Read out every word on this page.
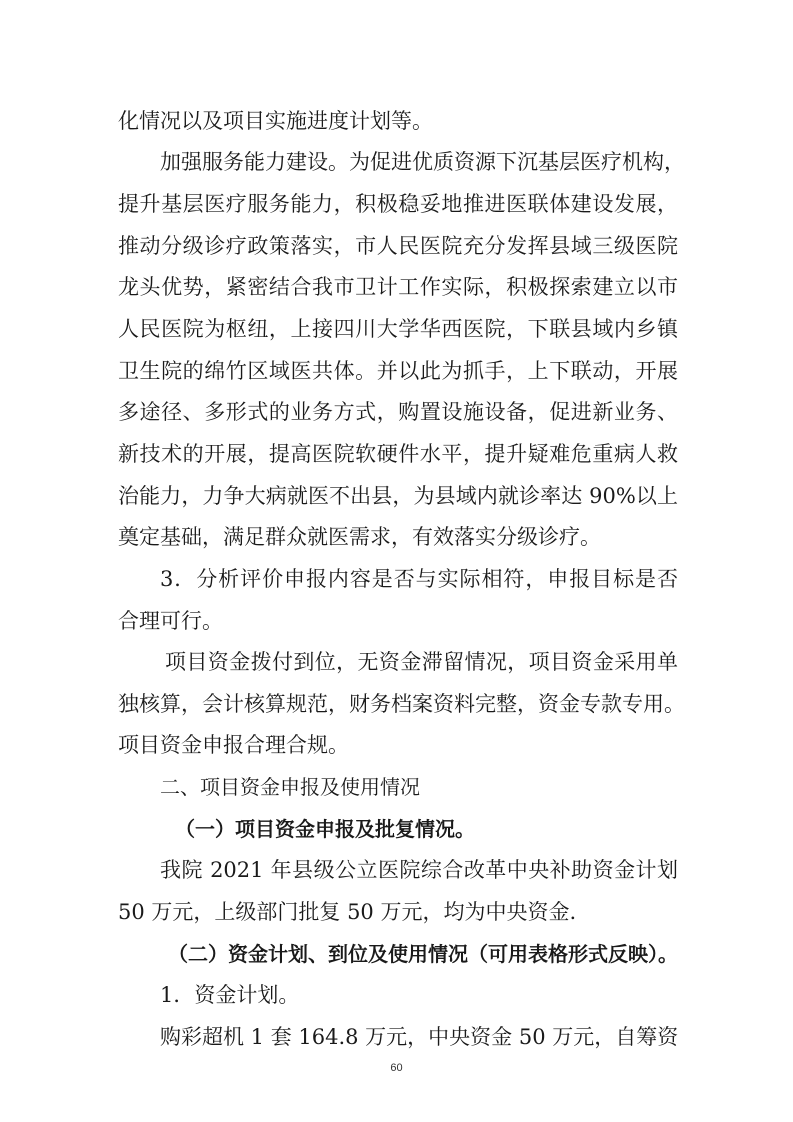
化情况以及项目实施进度计划等。
加强服务能力建设。为促进优质资源下沉基层医疗机构，
提升基层医疗服务能力，积极稳妥地推进医联体建设发展，
推动分级诊疗政策落实，市人民医院充分发挥县域三级医院
龙头优势，紧密结合我市卫计工作实际，积极探索建立以市
人民医院为枢纽，上接四川大学华西医院，下联县域内乡镇
卫生院的绵竹区域医共体。并以此为抓手，上下联动，开展
多途径、多形式的业务方式，购置设施设备，促进新业务、
新技术的开展，提高医院软硬件水平，提升疑难危重病人救
治能力，力争大病就医不出县，为县域内就诊率达 90%以上
奠定基础，满足群众就医需求，有效落实分级诊疗。
3．分析评价申报内容是否与实际相符，申报目标是否
合理可行。
项目资金拨付到位，无资金滞留情况，项目资金采用单
独核算，会计核算规范，财务档案资料完整，资金专款专用。
项目资金申报合理合规。
二、项目资金申报及使用情况
（一）项目资金申报及批复情况。
我院 2021 年县级公立医院综合改革中央补助资金计划
50 万元，上级部门批复 50 万元，均为中央资金.
（二）资金计划、到位及使用情况（可用表格形式反映）。
1．资金计划。
购彩超机 1 套 164.8 万元，中央资金 50 万元，自筹资
60
